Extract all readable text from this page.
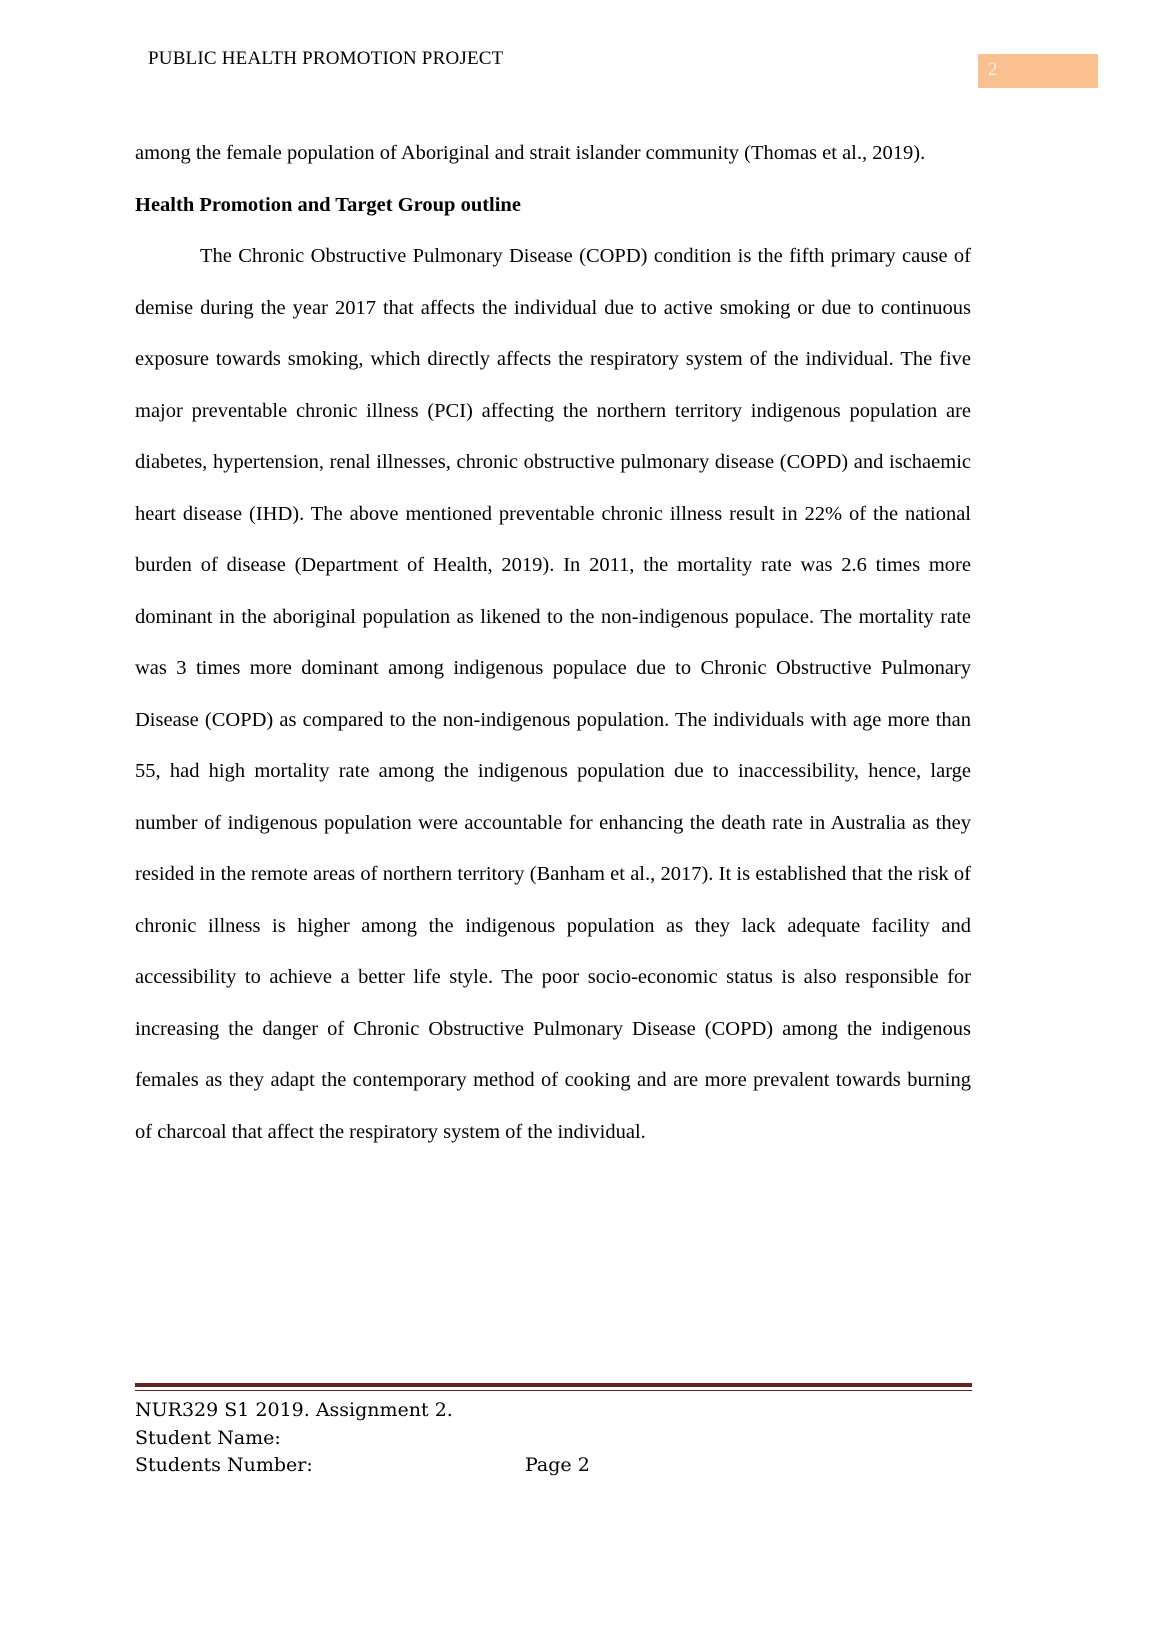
PUBLIC HEALTH PROMOTION PROJECT
2

among the female population of Aboriginal and strait islander community (Thomas et al., 2019).

Health Promotion and Target Group outline

The Chronic Obstructive Pulmonary Disease (COPD) condition is the fifth primary cause of demise during the year 2017 that affects the individual due to active smoking or due to continuous exposure towards smoking, which directly affects the respiratory system of the individual. The five major preventable chronic illness (PCI) affecting the northern territory indigenous population are diabetes, hypertension, renal illnesses, chronic obstructive pulmonary disease (COPD) and ischaemic heart disease (IHD). The above mentioned preventable chronic illness result in 22% of the national burden of disease (Department of Health, 2019). In 2011, the mortality rate was 2.6 times more dominant in the aboriginal population as likened to the non-indigenous populace. The mortality rate was 3 times more dominant among indigenous populace due to Chronic Obstructive Pulmonary Disease (COPD) as compared to the non-indigenous population. The individuals with age more than 55, had high mortality rate among the indigenous population due to inaccessibility, hence, large number of indigenous population were accountable for enhancing the death rate in Australia as they resided in the remote areas of northern territory (Banham et al., 2017). It is established that the risk of chronic illness is higher among the indigenous population as they lack adequate facility and accessibility to achieve a better life style. The poor socio-economic status is also responsible for increasing the danger of Chronic Obstructive Pulmonary Disease (COPD) among the indigenous females as they adapt the contemporary method of cooking and are more prevalent towards burning of charcoal that affect the respiratory system of the individual.

NUR329 S1 2019. Assignment 2.
Student Name:
Students Number:	Page 2
